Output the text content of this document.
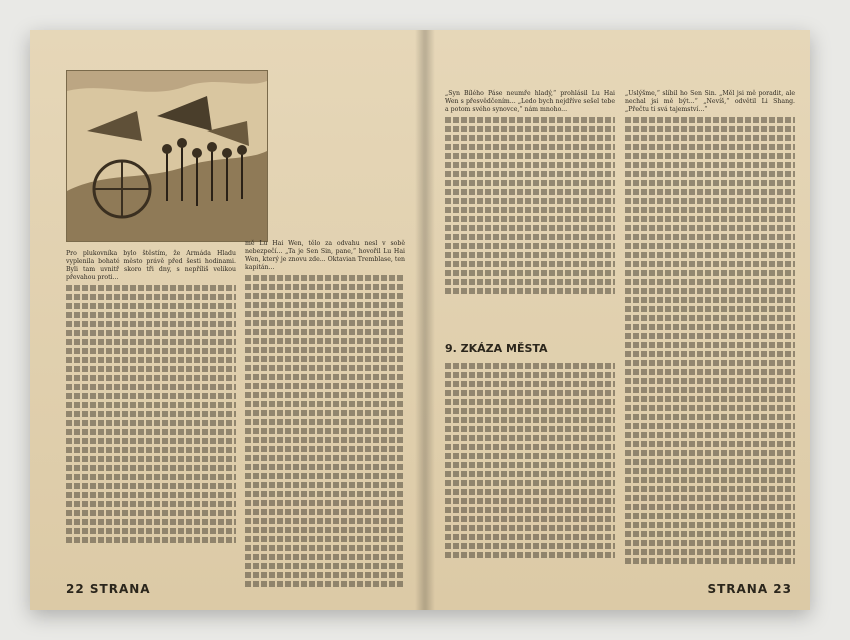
Pro plukovníka bylo štěstím, že Armáda Hladu vyplenila bohaté město právě před šesti hodinami. Byli tam uvnitř skoro tři dny, s nepříliš velikou převahou proti...

mě Lu Hai Wen, tělo za odvahu nesl v sobě nebezpečí... „Ta je Sen Sin, pane,“ hovořil Lu Hai Wen, který je znovu zde... Oktavian Tremblase, ten kapitán...

22 STRANA

„Syn Bílého Páse neumře hladý,“ prohlásil Lu Hai Wen s přesvědčením... „Ledo bych nejdříve sešel tebe a potom svého synovce,“ nám mnoho...

9. ZKÁZA MĚSTA

„Uslýšme,“ slíbil ho Sen Sin. „Měl jsi mě poradit, ale nechal jsi mě být...“ „Nevíš,“ odvětil Li Shang. „Přečtu ti svá tajemství...“

STRANA 23
